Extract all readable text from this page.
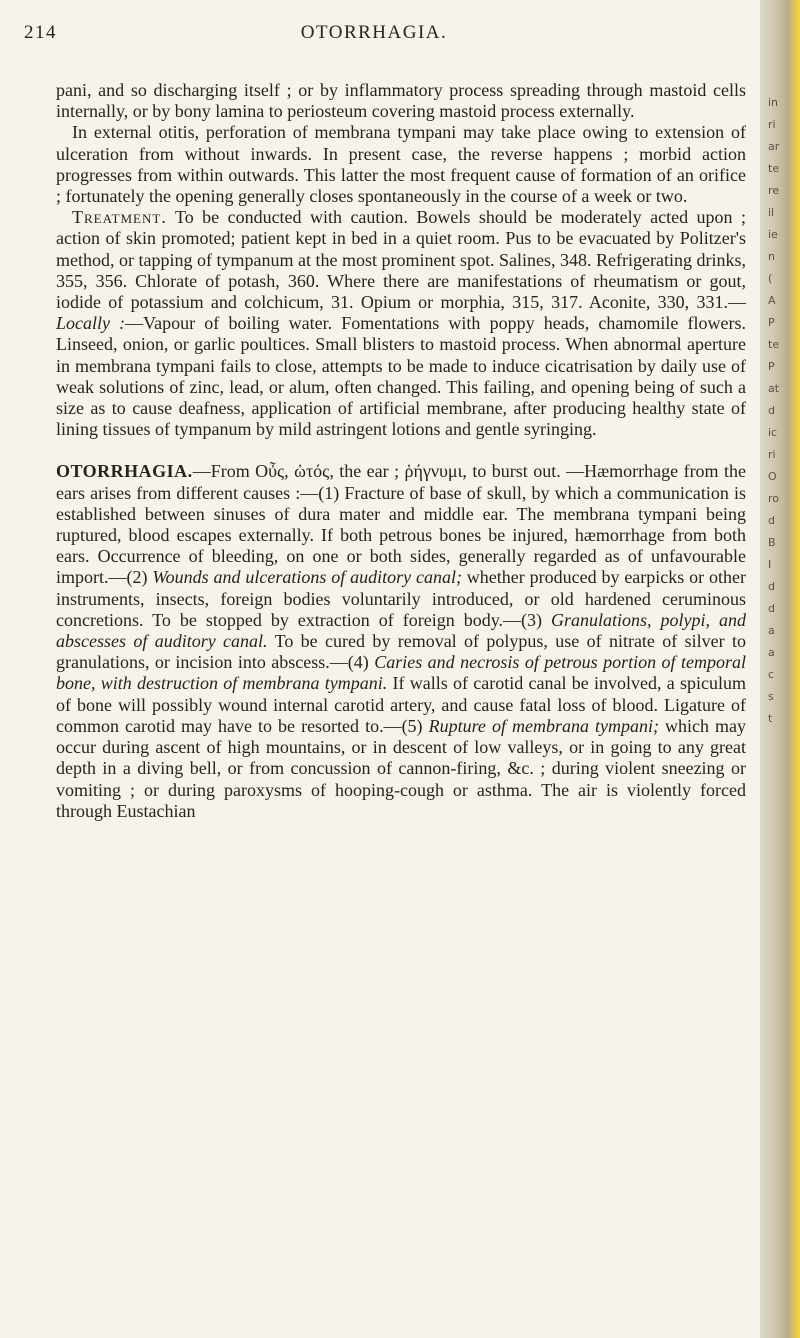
OTORRHAGIA.
214

pani, and so discharging itself ; or by inflammatory process spreading through mastoid cells internally, or by bony lamina to periosteum covering mastoid process externally.

In external otitis, perforation of membrana tympani may take place owing to extension of ulceration from without inwards. In present case, the reverse happens ; morbid action progresses from within outwards. This latter the most frequent cause of formation of an orifice ; fortunately the opening generally closes spontaneously in the course of a week or two.

Treatment. To be conducted with caution. Bowels should be moderately acted upon ; action of skin promoted; patient kept in bed in a quiet room. Pus to be evacuated by Politzer's method, or tapping of tympanum at the most prominent spot. Salines, 348. Refrigerating drinks, 355, 356. Chlorate of potash, 360. Where there are manifestations of rheumatism or gout, iodide of potassium and colchicum, 31. Opium or morphia, 315, 317. Aconite, 330, 331.—Locally :—Vapour of boiling water. Fomentations with poppy heads, chamomile flowers. Linseed, onion, or garlic poultices. Small blisters to mastoid process. When abnormal aperture in membrana tympani fails to close, attempts to be made to induce cicatrisation by daily use of weak solutions of zinc, lead, or alum, often changed. This failing, and opening being of such a size as to cause deafness, application of artificial membrane, after producing healthy state of lining tissues of tympanum by mild astringent lotions and gentle syringing.

OTORRHAGIA.—From Οὖς, ὠτός, the ear ; ῥήγνυμι, to burst out. —Hæmorrhage from the ears arises from different causes :—(1) Fracture of base of skull, by which a communication is established between sinuses of dura mater and middle ear. The membrana tympani being ruptured, blood escapes externally. If both petrous bones be injured, hæmorrhage from both ears. Occurrence of bleeding, on one or both sides, generally regarded as of unfavourable import.—(2) Wounds and ulcerations of auditory canal; whether produced by earpicks or other instruments, insects, foreign bodies voluntarily introduced, or old hardened ceruminous concretions. To be stopped by extraction of foreign body.—(3) Granulations, polypi, and abscesses of auditory canal. To be cured by removal of polypus, use of nitrate of silver to granulations, or incision into abscess.—(4) Caries and necrosis of petrous portion of temporal bone, with destruction of membrana tympani. If walls of carotid canal be involved, a spiculum of bone will possibly wound internal carotid artery, and cause fatal loss of blood. Ligature of common carotid may have to be resorted to.—(5) Rupture of membrana tympani; which may occur during ascent of high mountains, or in descent of low valleys, or in going to any great depth in a diving bell, or from concussion of cannon-firing, &c. ; during violent sneezing or vomiting ; or during paroxysms of hooping-cough or asthma. The air is violently forced through Eustachian

in
ri
ar
te
re
il
ie
n
(
A
P
te
P
at
d
ic
ri
O
ro
d
B
I
d
d
a
a
c
s
t
